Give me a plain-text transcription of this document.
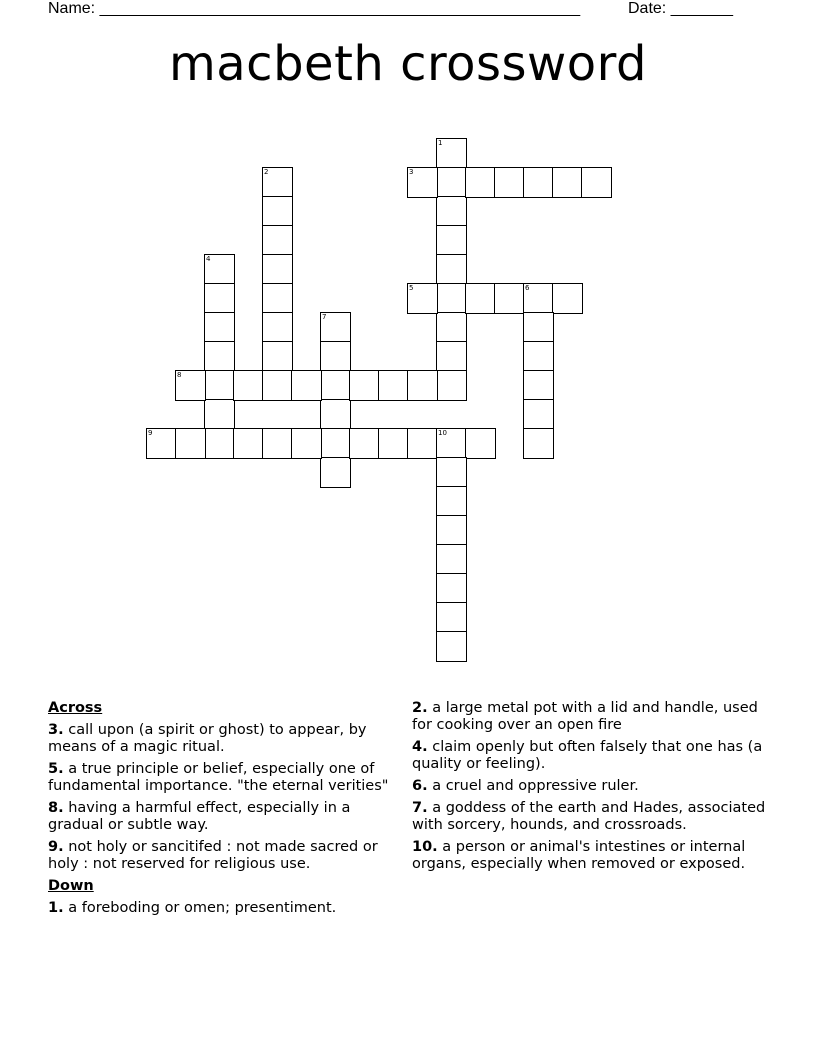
Name: ______________________________________________________	Date: _______
macbeth crossword
1
2	3
4
5	6
7
8
9	10
Across
3. call upon (a spirit or ghost) to appear, by means of a magic ritual.
5. a true principle or belief, especially one of fundamental importance. "the eternal verities"
8. having a harmful effect, especially in a gradual or subtle way.
9. not holy or sancitifed : not made sacred or holy : not reserved for religious use.
Down
1. a foreboding or omen; presentiment.
2. a large metal pot with a lid and handle, used for cooking over an open fire
4. claim openly but often falsely that one has (a quality or feeling).
6. a cruel and oppressive ruler.
7. a goddess of the earth and Hades, associated with sorcery, hounds, and crossroads.
10. a person or animal's intestines or internal organs, especially when removed or exposed.
